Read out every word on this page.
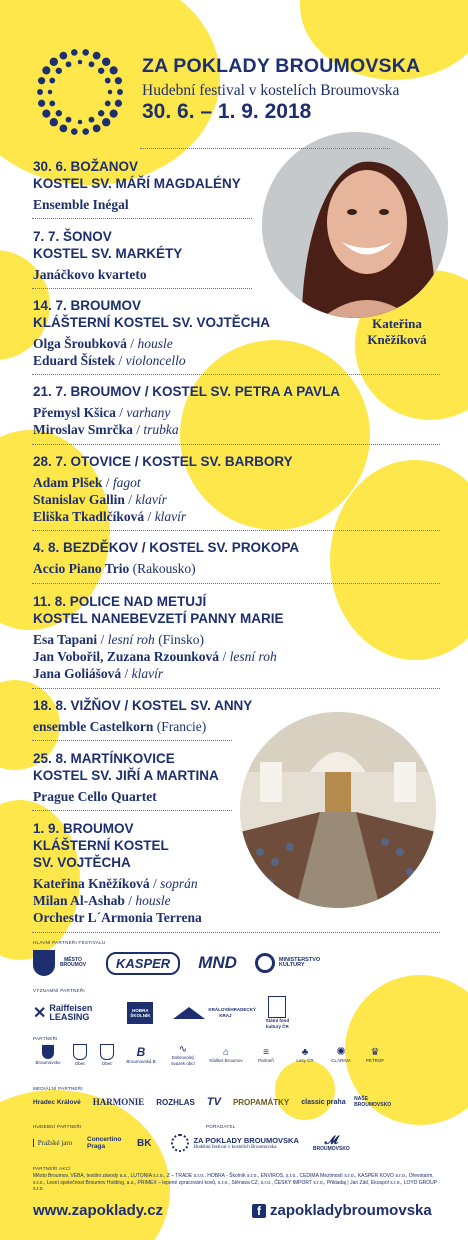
ZA POKLADY BROUMOVSKA
Hudební festival v kostelích Broumovska
30. 6. – 1. 9. 2018
Kateřina
Kněžíková
30. 6. BOŽANOV
KOSTEL SV. MÁŘÍ MAGDALÉNY
Ensemble Inégal
7. 7. ŠONOV
KOSTEL SV. MARKÉTY
Janáčkovo kvarteto
14. 7. BROUMOV
KLÁŠTERNÍ KOSTEL SV. VOJTĚCHA
Olga Šroubková / housle
Eduard Šístek / violoncello
21. 7. BROUMOV / KOSTEL SV. PETRA A PAVLA
Přemysl Kšica / varhany
Miroslav Smrčka / trubka
28. 7. OTOVICE / KOSTEL SV. BARBORY
Adam Plšek / fagot
Stanislav Gallin / klavír
Eliška Tkadlčíková / klavír
4. 8. BEZDĚKOV / KOSTEL SV. PROKOPA
Accio Piano Trio (Rakousko)
11. 8. POLICE NAD METUJÍ
KOSTEL NANEBEVZETÍ PANNY MARIE
Esa Tapani / lesní roh (Finsko)
Jan Vobořil, Zuzana Rzounková / lesní roh
Jana Goliášová / klavír
18. 8. VIŽŇOV / KOSTEL SV. ANNY
ensemble Castelkorn (Francie)
25. 8. MARTÍNKOVICE
KOSTEL SV. JIŘÍ A MARTINA
Prague Cello Quartet
1. 9. BROUMOV
KLÁŠTERNÍ KOSTEL
SV. VOJTĚCHA
Kateřina Kněžíková / soprán
Milan Al-Ashab / housle
Orchestr L´Armonia Terrena
HLAVNÍ PARTNEŘI FESTIVALU
MĚSTO BROUMOV KASPER MND	MINISTERSTVO KULTURY
VÝZNAMNÍ PARTNEŘI
✕ Raiffeisen LEASING
HOBRA ŠKOLNÍK
KRÁLOVÉHRADECKÝ KRAJ
Státní fond kultury ČR
PARTNEŘI
Broumovsko	Obec	Obec
B
Broumovská B
∿
Dobrovolný svazek obcí
⌂
Klášter Broumov
≡
Partneři
♣
Lesy ČR
✺
CLARINA
♛
PETROF
MEDIÁLNÍ PARTNEŘI
Hradec Králové HARMONIE ROZHLAS TV PROPAMÁTKY classic praha NAŠE BROUMOVSKO
HUDEBNÍ PARTNEŘI	POŘADATEL
Pražské jaro Concertino Praga	BK	ZA POKLADY BROUMOVSKA
Hudební festival v kostelích Broumovska
𝓜
BROUMOVSKO
PARTNEŘI AKCÍ
Město Broumov, VEBA, textilní závody a.s., LUTONIA s.r.o., Z – TRADE s.r.o., HOBRA - Školník s.r.o., ENVIROS, s.r.o., CEDIMA Mezimostí s.r.o., KASPER KOVO s.r.o., Dřevotarm, s.r.o., Lesní společnost Broumov Holding, a.s., PRIMEX – lepené zpracování kovů, s.r.o., Stěnava CZ, s.r.o., ČESKÝ IMPORT s.r.o., Přikladaj | Jan Zátí, Ekospol s.r.o., LOYD GROUP s.r.o.
www.zapoklady.cz	f zapokladybroumovska
